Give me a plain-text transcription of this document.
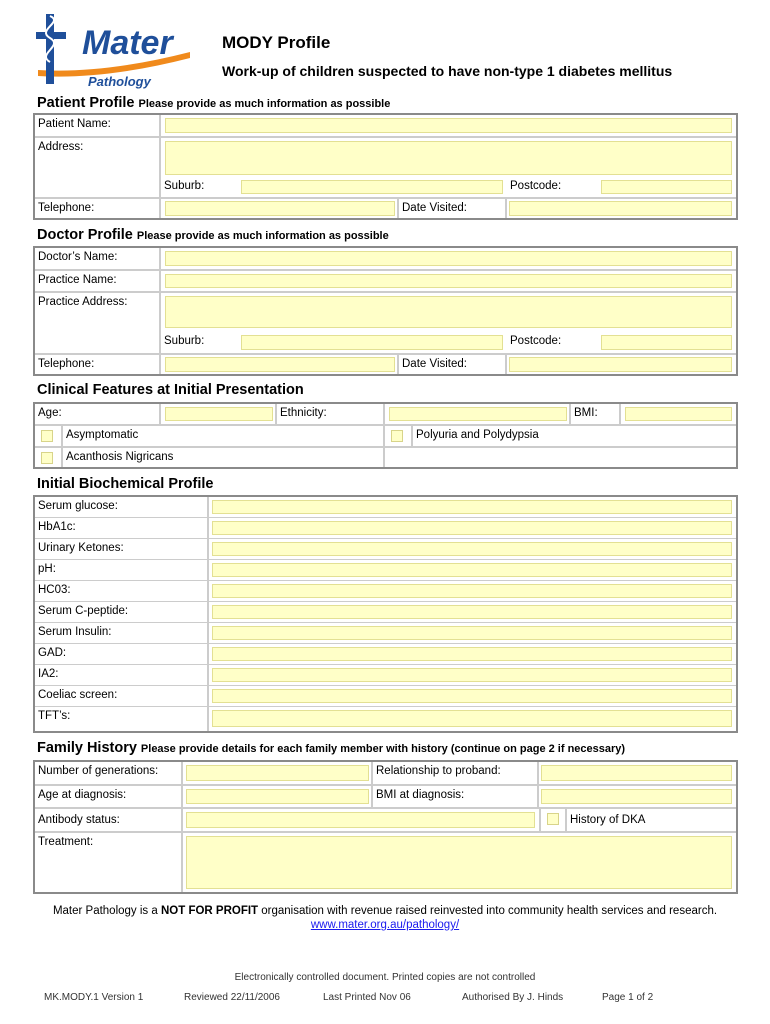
Mater
Pathology
MODY Profile
Work-up of children suspected to have non-type 1 diabetes mellitus
Patient Profile Please provide as much information as possible
Patient Name:
Address:
Suburb:	Postcode:
Telephone:	Date Visited:
Doctor Profile Please provide as much information as possible
Doctor’s Name:
Practice Name:
Practice Address:
Suburb:	Postcode:
Telephone:	Date Visited:
Clinical Features at Initial Presentation
Age:	Ethnicity:	BMI:
Asymptomatic	Polyuria and Polydypsia
Acanthosis Nigricans
Initial Biochemical Profile
Serum glucose:
HbA1c:
Urinary Ketones:
pH:
HC03:
Serum C-peptide:
Serum Insulin:
GAD:
IA2:
Coeliac screen:
TFT’s:
Family History Please provide details for each family member with history (continue on page 2 if necessary)
Number of generations:	Relationship to proband:
Age at diagnosis:	BMI at diagnosis:
Antibody status:	History of DKA
Treatment:
Mater Pathology is a NOT FOR PROFIT organisation with revenue raised reinvested into community health services and research.
www.mater.org.au/pathology/
Electronically controlled document. Printed copies are not controlled
MK.MODY.1 Version 1	Reviewed 22/11/2006	Last Printed Nov 06	Authorised By J. Hinds	Page 1 of 2
